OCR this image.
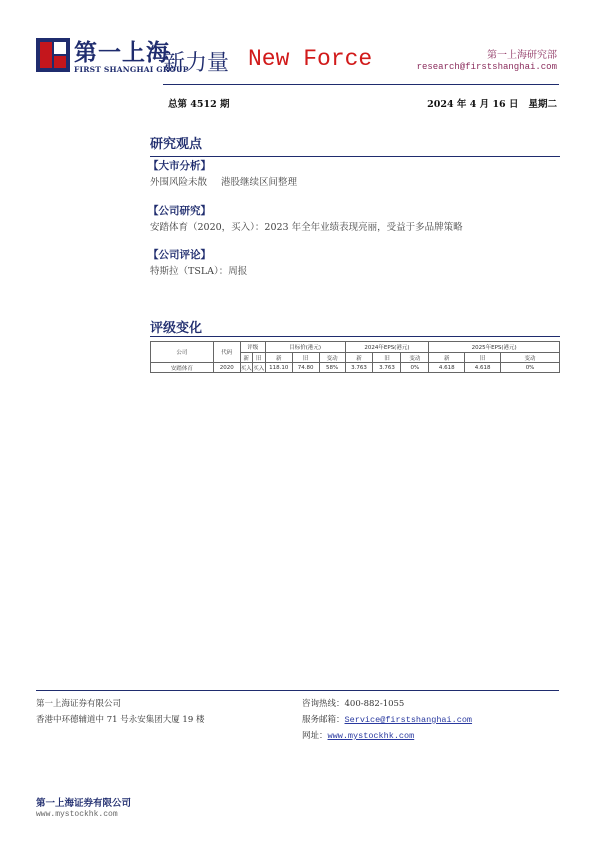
第一上海
FIRST SHANGHAI GROUP
新力量 New Force	第一上海研究部
research@firstshanghai.com
总第 4512 期	2024 年 4 月 16 日 星期二
研究观点
【大市分析】
外围风险未散 港股继续区间整理
【公司研究】
安踏体育（2020，买入）：2023 年全年业绩表现亮丽，受益于多品牌策略
【公司评论】
特斯拉（TSLA）：周报
评级变化
公司	代码	评级		目标价(港元)			2024年EPS(港元)			2025年EPS(港元)		
		新	旧	新	旧	变动	新	旧	变动	新	旧	变动
安踏体育	2020	买入	买入	118.10	74.80	58%	3.763	3.763	0%	4.618	4.618	0%
第一上海证券有限公司
香港中环德辅道中 71 号永安集团大厦 19 楼
咨询热线：400-882-1055
服务邮箱：Service@firstshanghai.com
网址：www.mystockhk.com
第一上海证券有限公司
www.mystockhk.com
